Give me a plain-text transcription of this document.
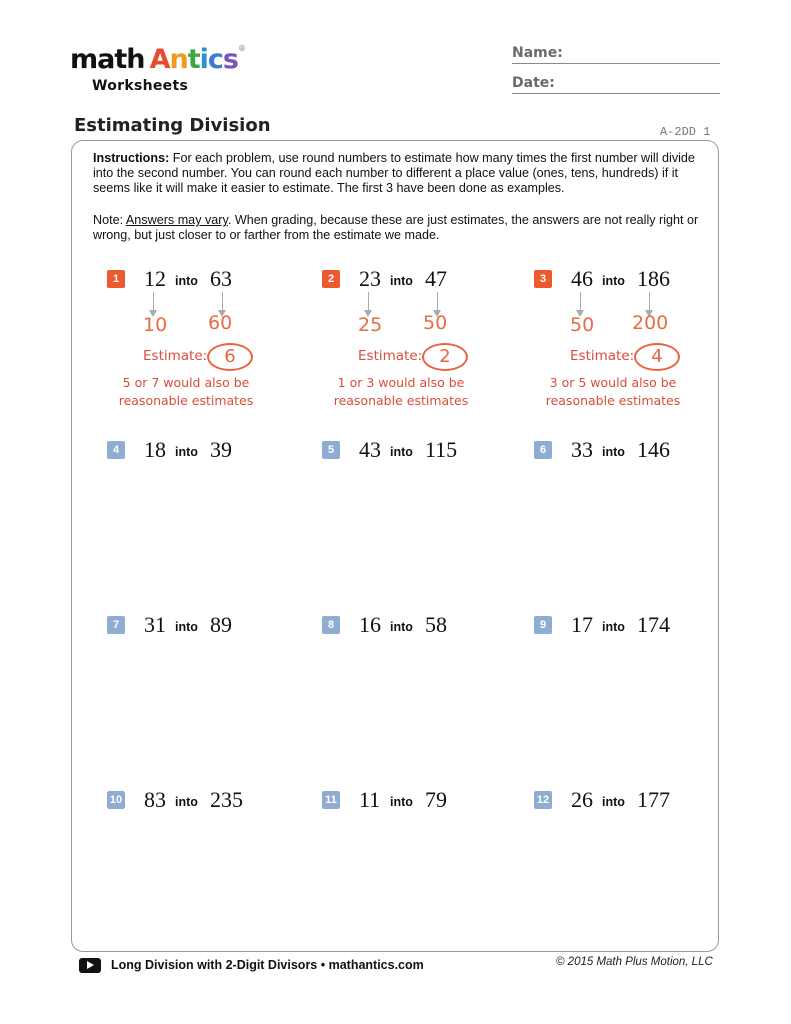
math Antics®
Worksheets
Name:
Date:
Estimating Division	A-2DD 1
Instructions: For each problem, use round numbers to estimate how many times the first number will divide into the second number. You can round each number to different a place value (ones, tens, hundreds) if it seems like it will make it easier to estimate. The first 3 have been done as examples.
Note: Answers may vary. When grading, because these are just estimates, the answers are not really right or wrong, but just closer to or farther from the estimate we made.
1 12 into 63
10 60
Estimate: 6
5 or 7 would also be
reasonable estimates
2 23 into 47
25 50
Estimate: 2
1 or 3 would also be
reasonable estimates
3 46 into 186
50 200
Estimate: 4
3 or 5 would also be
reasonable estimates
4 18 into 39	5 43 into 115	6 33 into 146
7 31 into 89	8 16 into 58	9 17 into 174
10 83 into 235	11 11 into 79	12 26 into 177
Long Division with 2-Digit Divisors • mathantics.com	© 2015 Math Plus Motion, LLC
